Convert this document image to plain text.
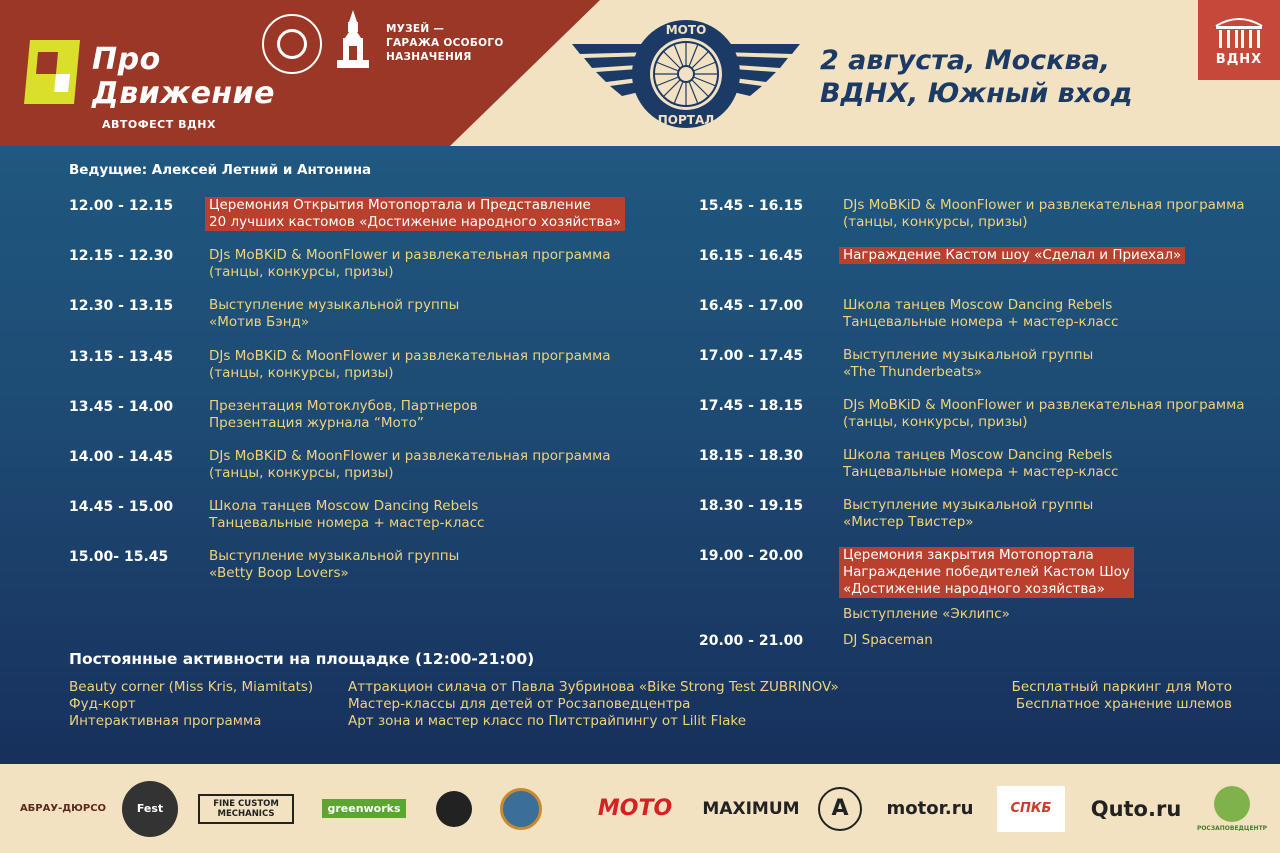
Про
Движение
АВТОФЕСТ ВДНХ
МУЗЕЙ —
ГАРАЖА ОСОБОГО
НАЗНАЧЕНИЯ
МОТО
ПОРТАЛ
2 августа, Москва,
ВДНХ, Южный вход
ВДНХ
Ведущие: Алексей Летний и Антонина
12.00 - 12.15	Церемония Открытия Мотопортала и Представление
20 лучших кастомов «Достижение народного хозяйства»
12.15 - 12.30	DJs MoBKiD & MoonFlower и развлекательная программа
(танцы, конкурсы, призы)
12.30 - 13.15	Выступление музыкальной группы
«Мотив Бэнд»
13.15 - 13.45	DJs MoBKiD & MoonFlower и развлекательная программа
(танцы, конкурсы, призы)
13.45 - 14.00	Презентация Мотоклубов, Партнеров
Презентация журнала “Мото”
14.00 - 14.45	DJs MoBKiD & MoonFlower и развлекательная программа
(танцы, конкурсы, призы)
14.45 - 15.00	Школа танцев Moscow Dancing Rebels
Танцевальные номера + мастер-класс
15.00- 15.45	Выступление музыкальной группы
«Betty Boop Lovers»
15.45 - 16.15	DJs MoBKiD & MoonFlower и развлекательная программа
(танцы, конкурсы, призы)
16.15 - 16.45	Награждение Кастом шоу «Сделал и Приехал»
16.45 - 17.00	Школа танцев Moscow Dancing Rebels
Танцевальные номера + мастер-класс
17.00 - 17.45	Выступление музыкальной группы
«The Thunderbeats»
17.45 - 18.15	DJs MoBKiD & MoonFlower и развлекательная программа
(танцы, конкурсы, призы)
18.15 - 18.30	Школа танцев Moscow Dancing Rebels
Танцевальные номера + мастер-класс
18.30 - 19.15	Выступление музыкальной группы
«Мистер Твистер»
19.00 - 20.00	Церемония закрытия Мотопортала
Награждение победителей Кастом Шоу
«Достижение народного хозяйства»
Выступление «Эклипс»
20.00 - 21.00	DJ Spaceman
Постоянные активности на площадке (12:00-21:00)
Beauty corner (Miss Kris, Miamitats)
Фуд-корт
Интерактивная программа
Аттракцион силача от Павла Зубринова «Bike Strong Test ZUBRINOV»
Мастер-классы для детей от Росзаповедцентра
Арт зона и мастер класс по Питстрайпингу от Lilit Flake
Бесплатный паркинг для Мото
Бесплатное хранение шлемов
АБРАУ-ДЮРСО	Fest	FINE CUSTOM MECHANICS	greenworks	MOTO MAXIMUM A motor.ru	СПКБ Quto.ru
РОСЗАПОВЕДЦЕНТР
